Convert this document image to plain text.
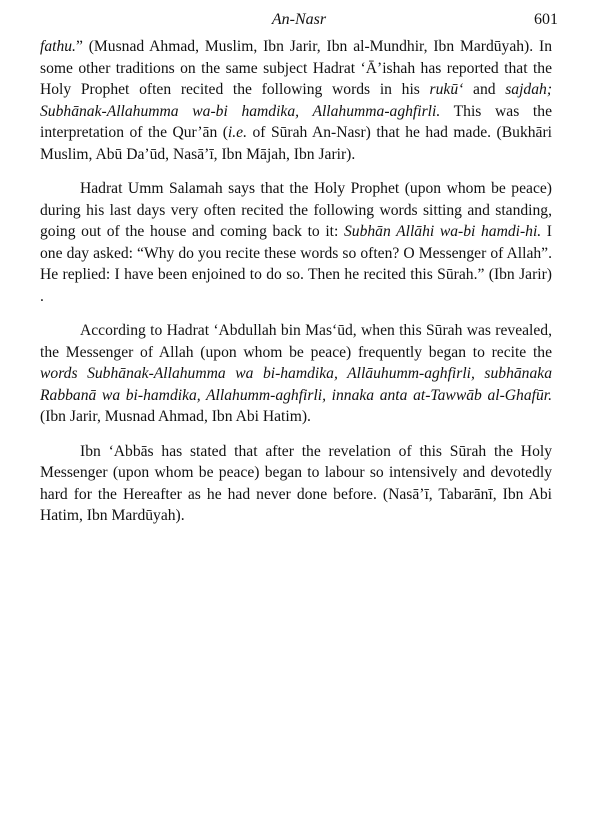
An-Nasr	601

fathu.” (Musnad Ahmad, Muslim, Ibn Jarir, Ibn al-Mundhir, Ibn Mardūyah). In some other traditions on the same subject Hadrat ‘Ā’ishah has reported that the Holy Prophet often recited the following words in his rukū‘ and sajdah; Subhānak-Allahumma wa-bi hamdika, Allahumma-aghfirli. This was the interpretation of the Qur’ān (i.e. of Sūrah An-Nasr) that he had made. (Bukhāri Muslim, Abū Da’ūd, Nasā’ī, Ibn Mājah, Ibn Jarir).

Hadrat Umm Salamah says that the Holy Prophet (upon whom be peace) during his last days very often recited the following words sitting and standing, going out of the house and coming back to it: Subhān Allāhi wa-bi hamdi-hi. I one day asked: “Why do you recite these words so often? O Messenger of Allah”. He replied: I have been enjoined to do so. Then he recited this Sūrah.” (Ibn Jarir) .

According to Hadrat ‘Abdullah bin Mas‘ūd, when this Sūrah was revealed, the Messenger of Allah (upon whom be peace) frequently began to recite the words Subhānak-Allahumma wa bi-hamdika, Allāuhumm-aghfirli, subhānaka Rabbanā wa bi-hamdika, Allahumm-aghfirli, innaka anta at-Tawwāb al-Ghafūr. (Ibn Jarir, Musnad Ahmad, Ibn Abi Hatim).

Ibn ‘Abbās has stated that after the revelation of this Sūrah the Holy Messenger (upon whom be peace) began to labour so intensively and devotedly hard for the Hereafter as he had never done before. (Nasā’ī, Tabarānī, Ibn Abi Hatim, Ibn Mardūyah).
